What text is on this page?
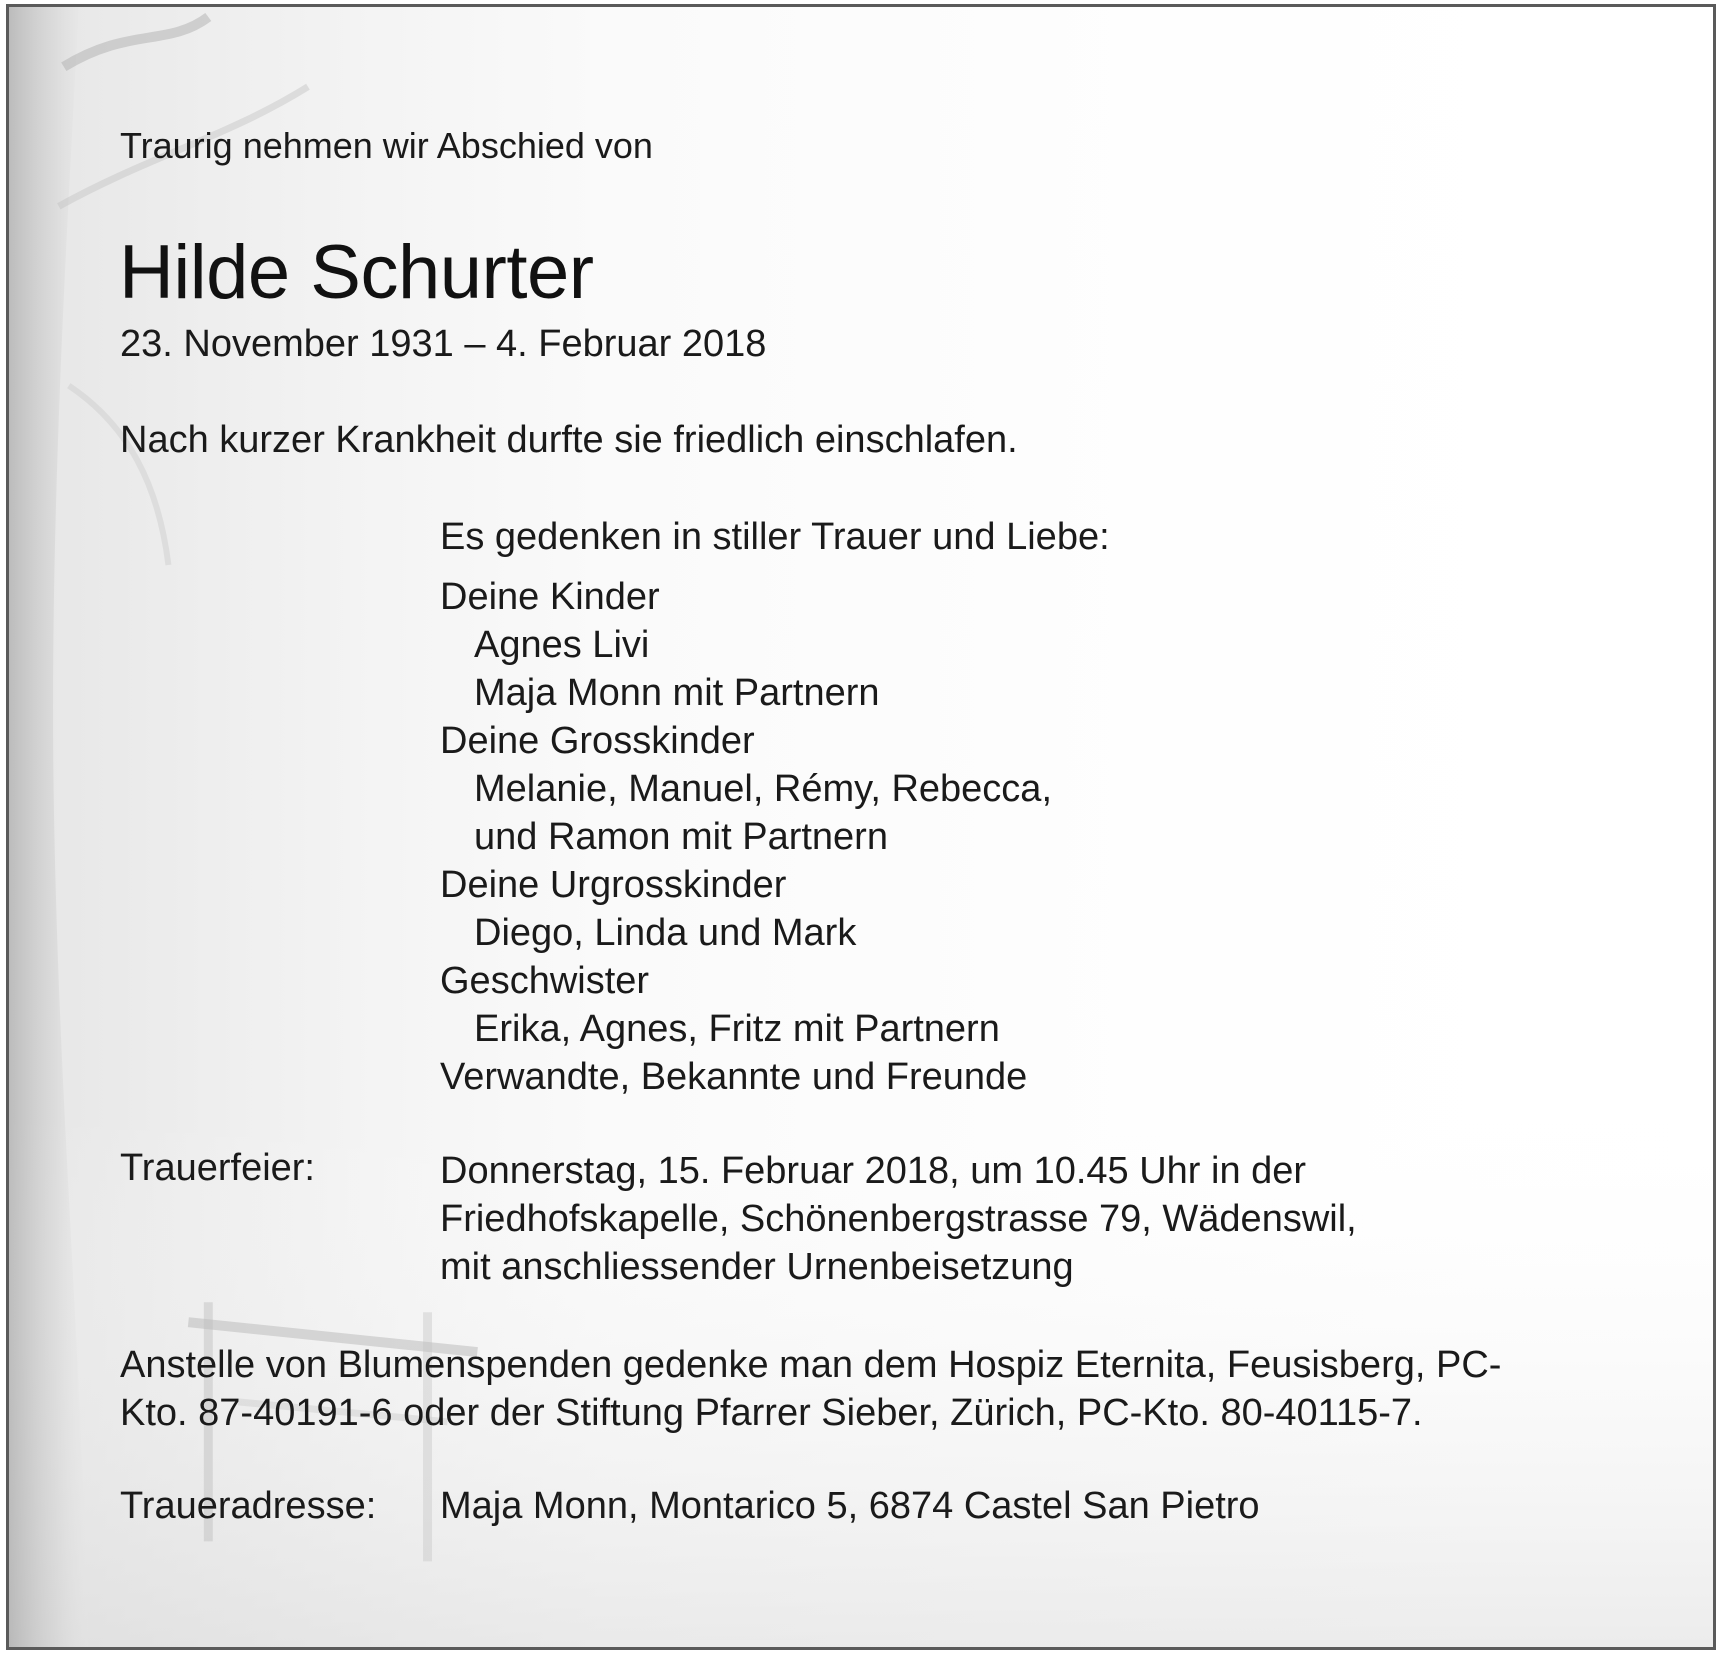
Traurig nehmen wir Abschied von

Hilde Schurter

23. November 1931 – 4. Februar 2018

Nach kurzer Krankheit durfte sie friedlich einschlafen.

Es gedenken in stiller Trauer und Liebe:
Deine Kinder
Agnes Livi
Maja Monn mit Partnern
Deine Grosskinder
Melanie, Manuel, Rémy, Rebecca,
und Ramon mit Partnern
Deine Urgrosskinder
Diego, Linda und Mark
Geschwister
Erika, Agnes, Fritz mit Partnern
Verwandte, Bekannte und Freunde
Trauerfeier:	Donnerstag, 15. Februar 2018, um 10.45 Uhr in der
Friedhofskapelle, Schönenbergstrasse 79, Wädenswil,
mit anschliessender Urnenbeisetzung
Anstelle von Blumenspenden gedenke man dem Hospiz Eternita, Feusisberg, PC-
Kto. 87-40191-6 oder der Stiftung Pfarrer Sieber, Zürich, PC-Kto. 80-40115-7.
Traueradresse: Maja Monn, Montarico 5, 6874 Castel San Pietro
